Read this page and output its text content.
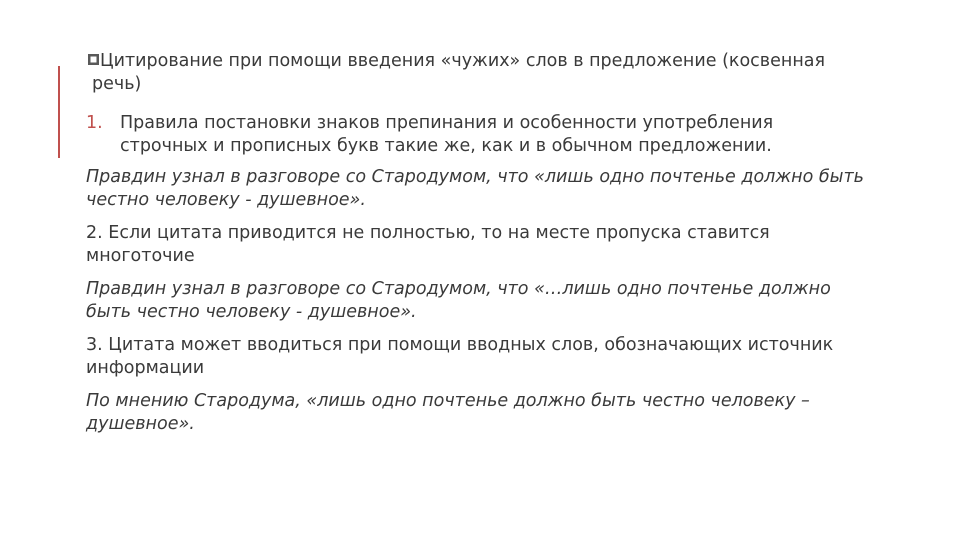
Цитирование при помощи введения «чужих» слов в предложение (косвенная
речь)

1. Правила постановки знаков препинания и особенности употребления строчных и прописных букв такие же, как и в обычном предложении.

Правдин узнал в разговоре со Стародумом, что «лишь одно почтенье должно быть честно человеку - душевное».

2. Если цитата приводится не полностью, то на месте пропуска ставится многоточие

Правдин узнал в разговоре со Стародумом, что «…лишь одно почтенье должно быть честно человеку - душевное».

3. Цитата может вводиться при помощи вводных слов, обозначающих источник информации

По мнению Стародума, «лишь одно почтенье должно быть честно человеку – душевное».
